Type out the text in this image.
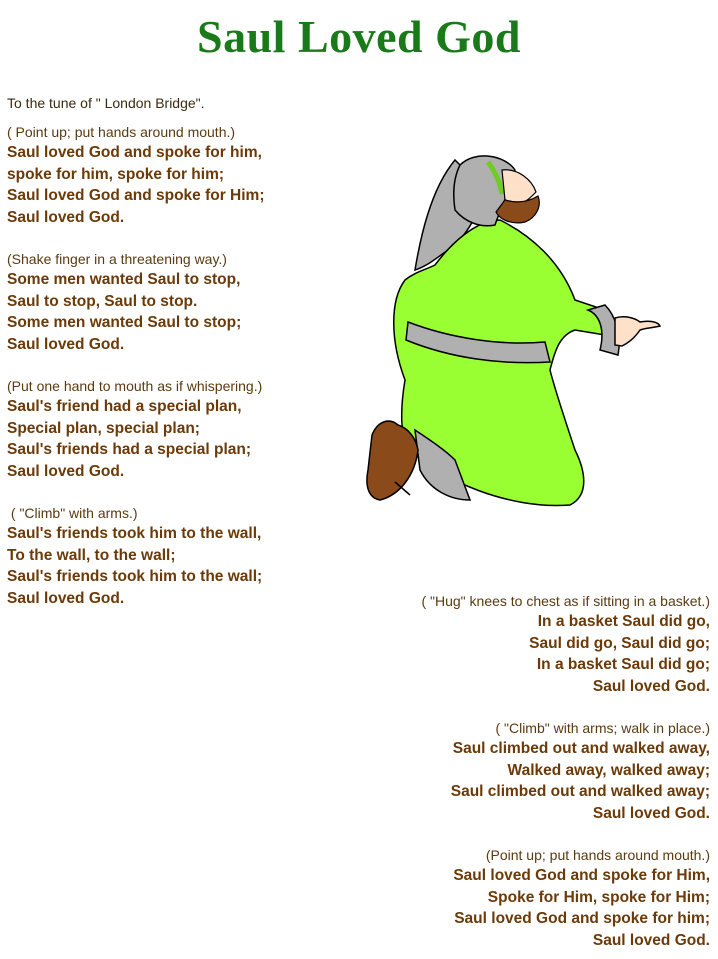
Saul Loved God
To the tune of " London Bridge".
( Point up; put hands around mouth.)
Saul loved God and spoke for him,
spoke for him, spoke for him;
Saul loved God and spoke for Him;
Saul loved God.
(Shake finger in a threatening way.)
Some men wanted Saul to stop,
Saul to stop, Saul to stop.
Some men wanted Saul to stop;
Saul loved God.
(Put one hand to mouth as if whispering.)
Saul's friend had a special plan,
Special plan, special plan;
Saul's friends had a special plan;
Saul loved God.
( "Climb" with arms.)
Saul's friends took him to the wall,
To the wall, to the wall;
Saul's friends took him to the wall;
Saul loved God.	( "Hug" knees to chest as if sitting in a basket.)
In a basket Saul did go,
Saul did go, Saul did go;
In a basket Saul did go;
Saul loved God.
( "Climb" with arms; walk in place.)
Saul climbed out and walked away,
Walked away, walked away;
Saul climbed out and walked away;
Saul loved God.
(Point up; put hands around mouth.)
Saul loved God and spoke for Him,
Spoke for Him, spoke for Him;
Saul loved God and spoke for him;
Saul loved God.
